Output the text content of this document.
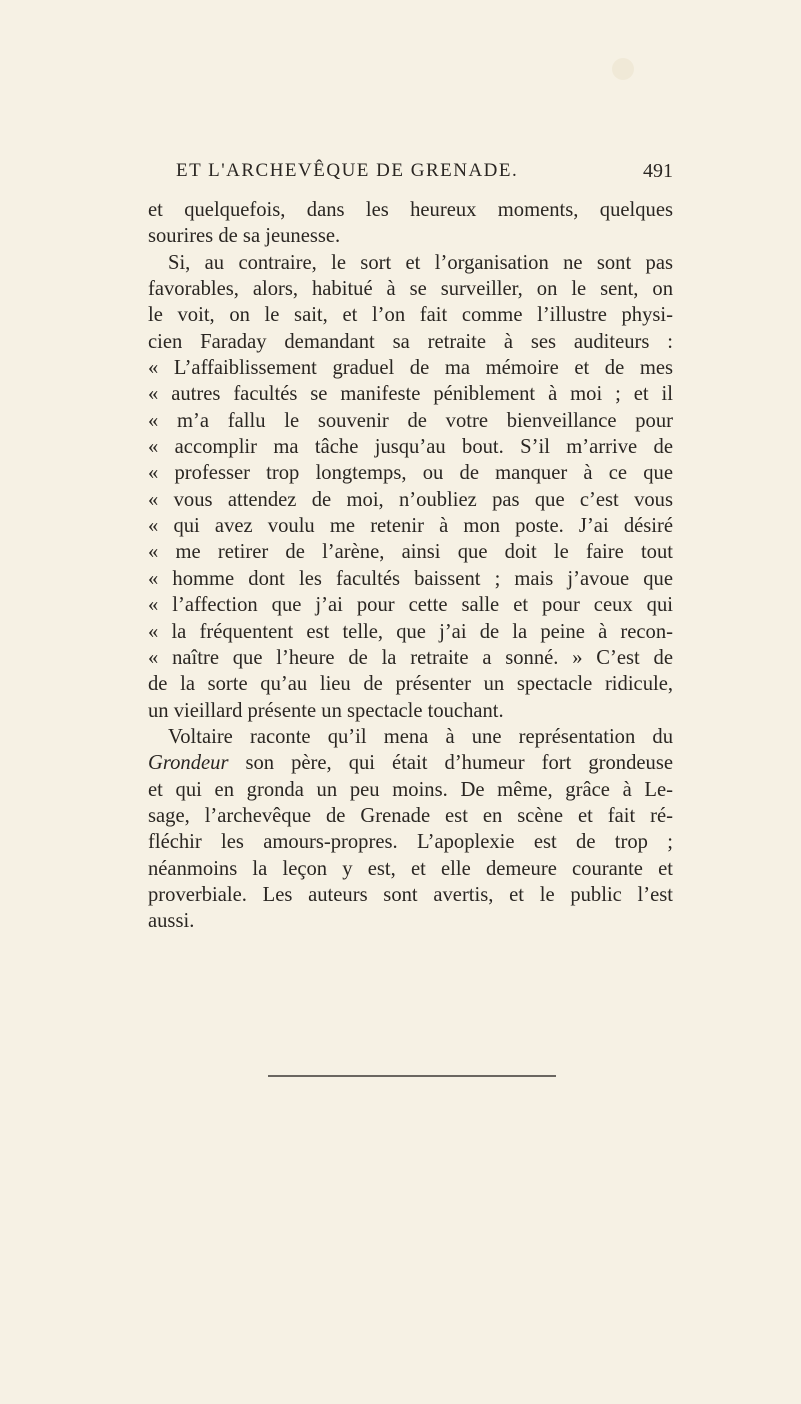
ET L'ARCHEVÊQUE DE GRENADE.	491
et quelquefois, dans les heureux moments, quelques
sourires de sa jeunesse.
Si, au contraire, le sort et l’organisation ne sont pas
favorables, alors, habitué à se surveiller, on le sent, on
le voit, on le sait, et l’on fait comme l’illustre physi-
cien Faraday demandant sa retraite à ses auditeurs :
« L’affaiblissement graduel de ma mémoire et de mes
« autres facultés se manifeste péniblement à moi ; et il
« m’a fallu le souvenir de votre bienveillance pour
« accomplir ma tâche jusqu’au bout. S’il m’arrive de
« professer trop longtemps, ou de manquer à ce que
« vous attendez de moi, n’oubliez pas que c’est vous
« qui avez voulu me retenir à mon poste. J’ai désiré
« me retirer de l’arène, ainsi que doit le faire tout
« homme dont les facultés baissent ; mais j’avoue que
« l’affection que j’ai pour cette salle et pour ceux qui
« la fréquentent est telle, que j’ai de la peine à recon-
« naître que l’heure de la retraite a sonné. » C’est de
de la sorte qu’au lieu de présenter un spectacle ridicule,
un vieillard présente un spectacle touchant.
Voltaire raconte qu’il mena à une représentation du
Grondeur son père, qui était d’humeur fort grondeuse
et qui en gronda un peu moins. De même, grâce à Le-
sage, l’archevêque de Grenade est en scène et fait ré-
fléchir les amours-propres. L’apoplexie est de trop ;
néanmoins la leçon y est, et elle demeure courante et
proverbiale. Les auteurs sont avertis, et le public l’est
aussi.
